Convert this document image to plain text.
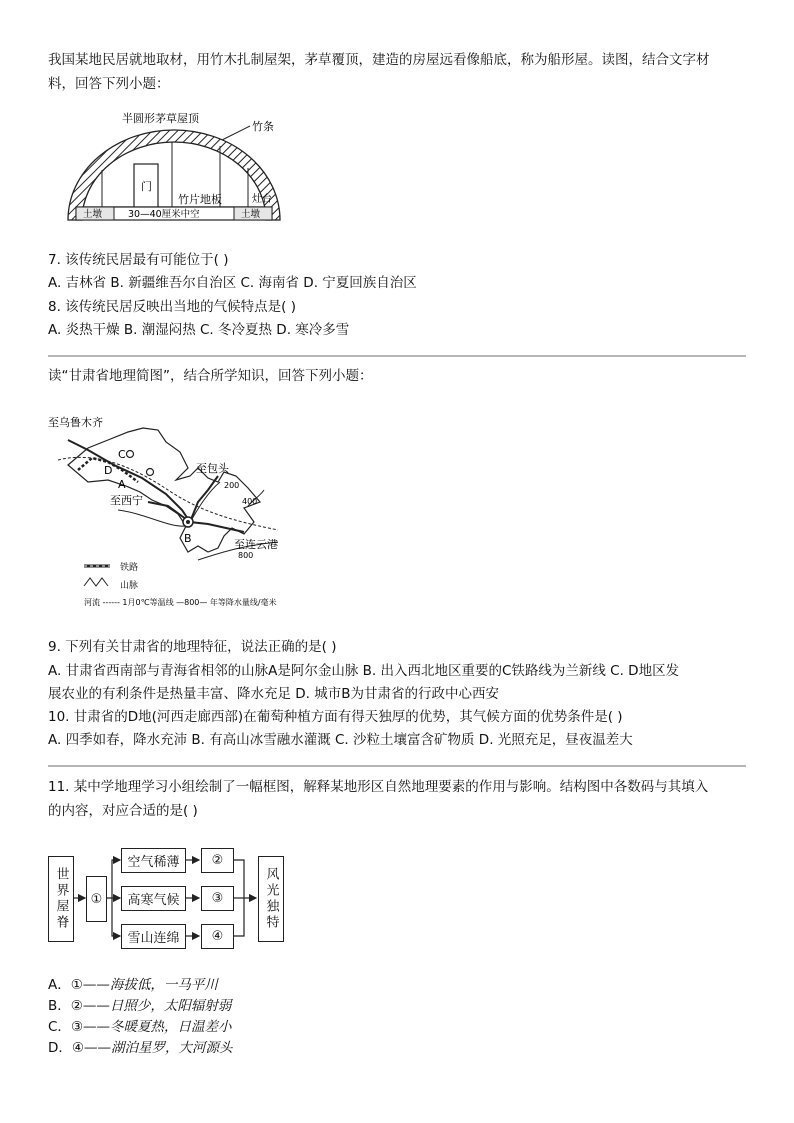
我国某地民居就地取材，用竹木扎制屋架，茅草覆顶，建造的房屋远看像船底，称为船形屋。读图，结合文字材
料，回答下列小题：
半圆形茅草屋顶
竹条
门
竹片地板	灶台
土墩	30—40厘米中空	土墩
7. 该传统民居最有可能位于( )
A. 吉林省 B. 新疆维吾尔自治区 C. 海南省 D. 宁夏回族自治区
8. 该传统民居反映出当地的气候特点是( )
A. 炎热干燥 B. 潮湿闷热 C. 冬冷夏热 D. 寒冷多雪
读“甘肃省地理简图”，结合所学知识，回答下列小题：
至乌鲁木齐
至包头
至西宁
至连云港
C
D
A
B
200
400
800
铁路
山脉
河流 ------ 1月0℃等温线 —800— 年等降水量线/毫米
9. 下列有关甘肃省的地理特征，说法正确的是( )
A. 甘肃省西南部与青海省相邻的山脉A是阿尔金山脉 B. 出入西北地区重要的C铁路线为兰新线 C. D地区发
展农业的有利条件是热量丰富、降水充足 D. 城市B为甘肃省的行政中心西安
10. 甘肃省的D地(河西走廊西部)在葡萄种植方面有得天独厚的优势，其气候方面的优势条件是( )
A. 四季如春，降水充沛 B. 有高山冰雪融水灌溉 C. 沙粒土壤富含矿物质 D. 光照充足，昼夜温差大
11. 某中学地理学习小组绘制了一幅框图，解释某地形区自然地理要素的作用与影响。结构图中各数码与其填入
的内容，对应合适的是( )
世界屋脊	①
空气稀薄
高寒气候
雪山连绵
②
③
④
风光独特
A．①——海拔低，一马平川
B．②——日照少，太阳辐射弱
C．③——冬暖夏热，日温差小
D．④——湖泊星罗，大河源头
